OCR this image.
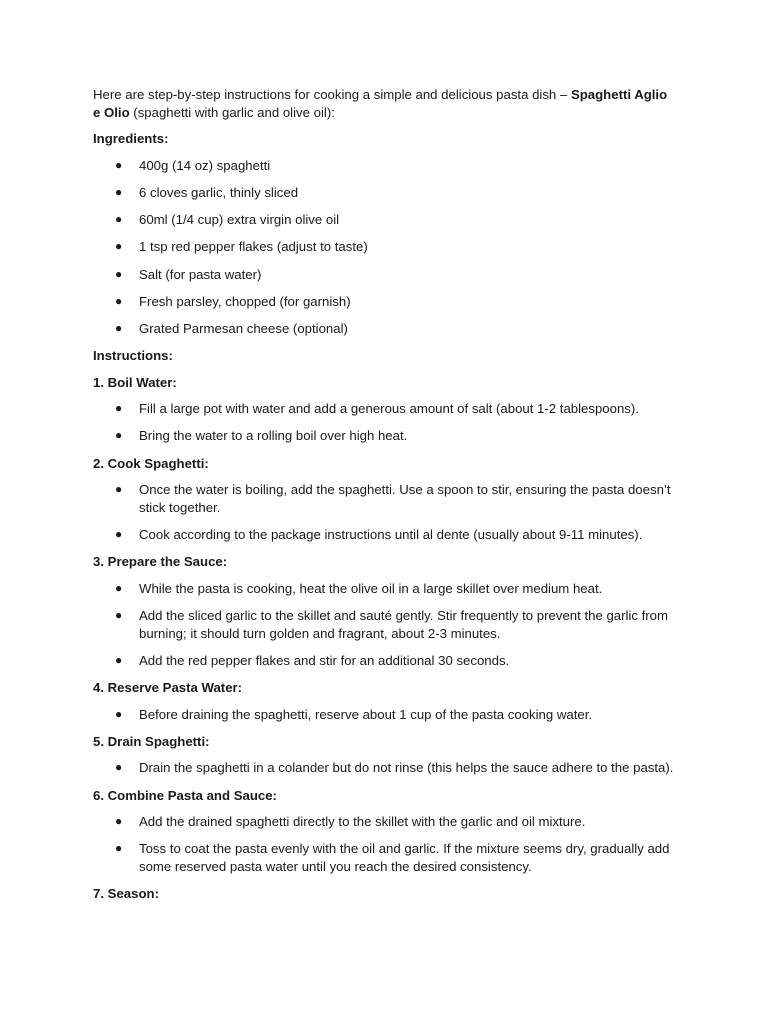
Here are step-by-step instructions for cooking a simple and delicious pasta dish – Spaghetti Aglio e Olio (spaghetti with garlic and olive oil):

Ingredients:

● 400g (14 oz) spaghetti
● 6 cloves garlic, thinly sliced
● 60ml (1/4 cup) extra virgin olive oil
● 1 tsp red pepper flakes (adjust to taste)
● Salt (for pasta water)
● Fresh parsley, chopped (for garnish)
● Grated Parmesan cheese (optional)

Instructions:

1. Boil Water:

● Fill a large pot with water and add a generous amount of salt (about 1-2 tablespoons).
● Bring the water to a rolling boil over high heat.

2. Cook Spaghetti:

● Once the water is boiling, add the spaghetti. Use a spoon to stir, ensuring the pasta doesn’t stick together.
● Cook according to the package instructions until al dente (usually about 9-11 minutes).

3. Prepare the Sauce:

● While the pasta is cooking, heat the olive oil in a large skillet over medium heat.
● Add the sliced garlic to the skillet and sauté gently. Stir frequently to prevent the garlic from burning; it should turn golden and fragrant, about 2-3 minutes.
● Add the red pepper flakes and stir for an additional 30 seconds.

4. Reserve Pasta Water:

● Before draining the spaghetti, reserve about 1 cup of the pasta cooking water.

5. Drain Spaghetti:

● Drain the spaghetti in a colander but do not rinse (this helps the sauce adhere to the pasta).

6. Combine Pasta and Sauce:

● Add the drained spaghetti directly to the skillet with the garlic and oil mixture.
● Toss to coat the pasta evenly with the oil and garlic. If the mixture seems dry, gradually add some reserved pasta water until you reach the desired consistency.

7. Season:
